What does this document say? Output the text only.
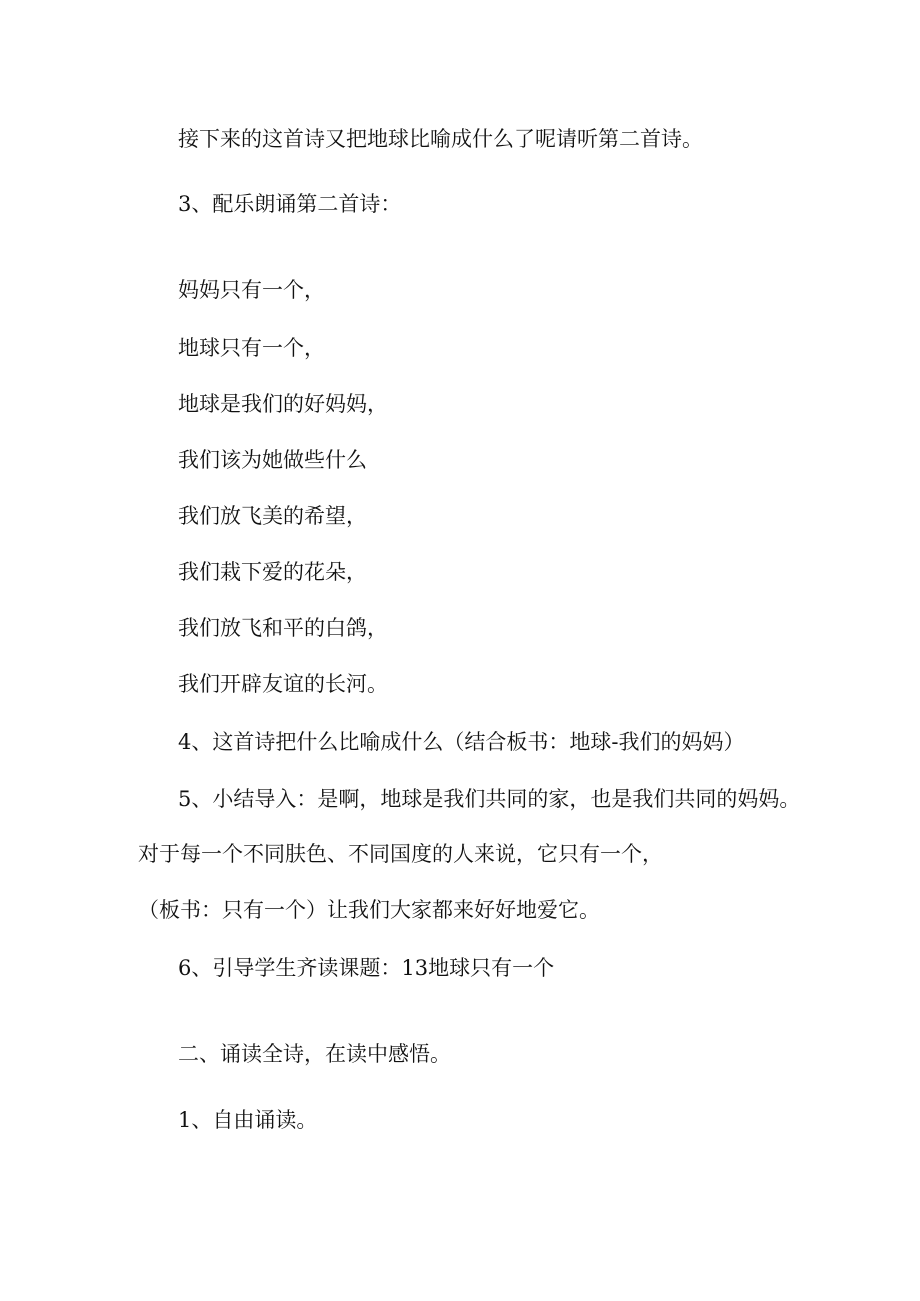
接下来的这首诗又把地球比喻成什么了呢请听第二首诗。

3、配乐朗诵第二首诗：

妈妈只有一个，

地球只有一个，

地球是我们的好妈妈，

我们该为她做些什么

我们放飞美的希望，

我们栽下爱的花朵，

我们放飞和平的白鸽，

我们开辟友谊的长河。

4、这首诗把什么比喻成什么（结合板书：地球-我们的妈妈）

5、小结导入：是啊，地球是我们共同的家，也是我们共同的妈妈。

对于每一个不同肤色、不同国度的人来说，它只有一个，

（板书：只有一个）让我们大家都来好好地爱它。

6、引导学生齐读课题：13地球只有一个

二、诵读全诗，在读中感悟。

1、自由诵读。
